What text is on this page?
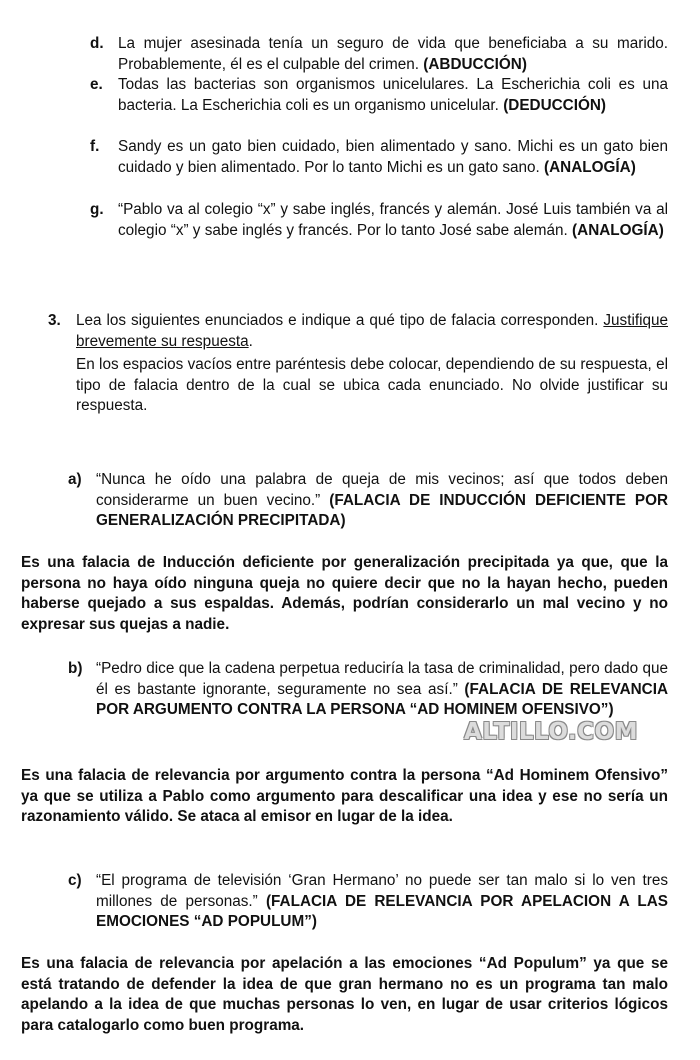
d. La mujer asesinada tenía un seguro de vida que beneficiaba a su marido. Probablemente, él es el culpable del crimen. (ABDUCCIÓN)
e. Todas las bacterias son organismos unicelulares. La Escherichia coli es una bacteria. La Escherichia coli es un organismo unicelular. (DEDUCCIÓN)
f. Sandy es un gato bien cuidado, bien alimentado y sano. Michi es un gato bien cuidado y bien alimentado. Por lo tanto Michi es un gato sano. (ANALOGÍA)
g. “Pablo va al colegio “x” y sabe inglés, francés y alemán. José Luis también va al colegio “x” y sabe inglés y francés. Por lo tanto José sabe alemán. (ANALOGÍA)
3. Lea los siguientes enunciados e indique a qué tipo de falacia corresponden. Justifique brevemente su respuesta.
En los espacios vacíos entre paréntesis debe colocar, dependiendo de su respuesta, el tipo de falacia dentro de la cual se ubica cada enunciado. No olvide justificar su respuesta.
a) “Nunca he oído una palabra de queja de mis vecinos; así que todos deben considerarme un buen vecino.” (FALACIA DE INDUCCIÓN DEFICIENTE POR GENERALIZACIÓN PRECIPITADA)
Es una falacia de Inducción deficiente por generalización precipitada ya que, que la persona no haya oído ninguna queja no quiere decir que no la hayan hecho, pueden haberse quejado a sus espaldas. Además, podrían considerarlo un mal vecino y no expresar sus quejas a nadie.
b) “Pedro dice que la cadena perpetua reduciría la tasa de criminalidad, pero dado que él es bastante ignorante, seguramente no sea así.” (FALACIA DE RELEVANCIA POR ARGUMENTO CONTRA LA PERSONA “AD HOMINEM OFENSIVO”)
ALTILLO.COM
Es una falacia de relevancia por argumento contra la persona “Ad Hominem Ofensivo” ya que se utiliza a Pablo como argumento para descalificar una idea y ese no sería un razonamiento válido. Se ataca al emisor en lugar de la idea.
c) “El programa de televisión ‘Gran Hermano’ no puede ser tan malo si lo ven tres millones de personas.” (FALACIA DE RELEVANCIA POR APELACION A LAS EMOCIONES “AD POPULUM”)
Es una falacia de relevancia por apelación a las emociones “Ad Populum” ya que se está tratando de defender la idea de que gran hermano no es un programa tan malo apelando a la idea de que muchas personas lo ven, en lugar de usar criterios lógicos para catalogarlo como buen programa.
